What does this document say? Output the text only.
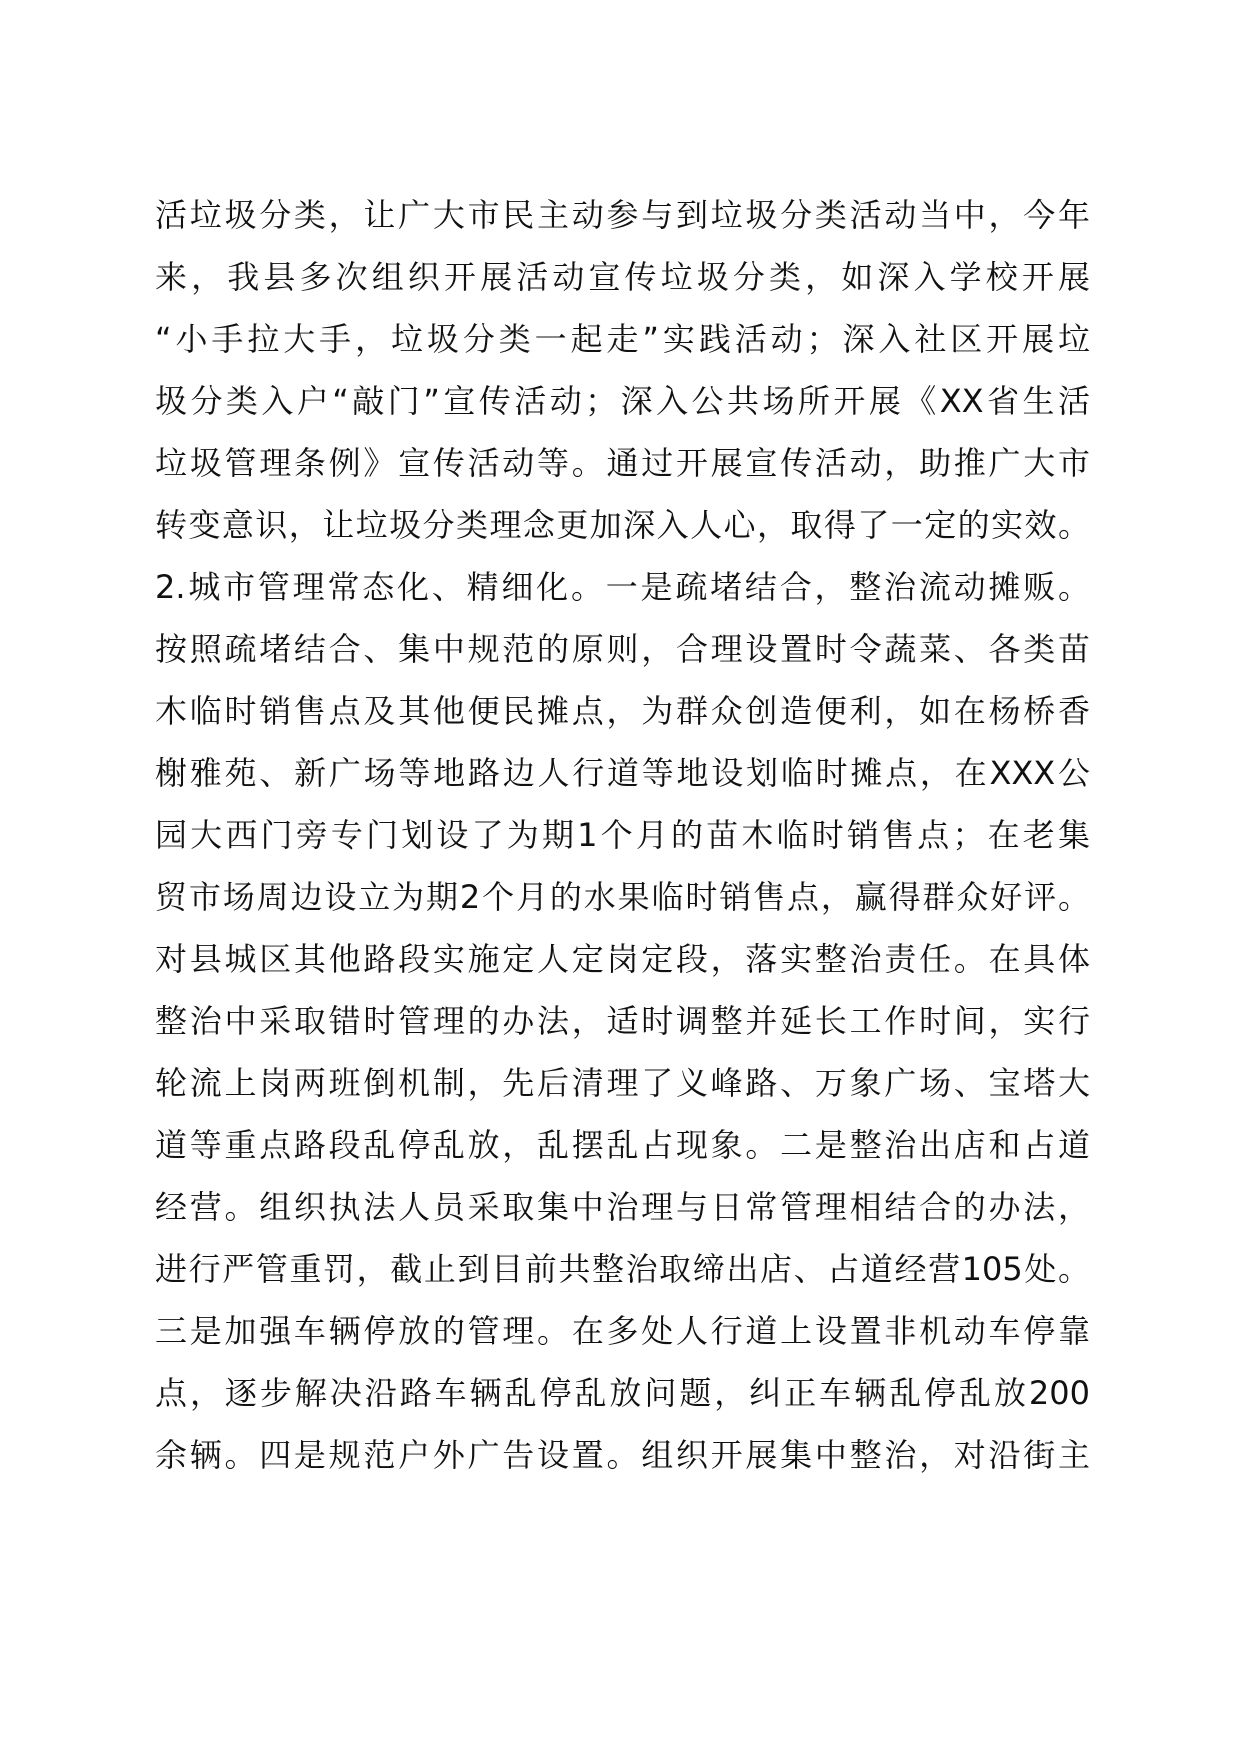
活垃圾分类，让广大市民主动参与到垃圾分类活动当中，今年
来，我县多次组织开展活动宣传垃圾分类，如深入学校开展
“小手拉大手，垃圾分类一起走”实践活动；深入社区开展垃
圾分类入户“敲门”宣传活动；深入公共场所开展《XX省生活
垃圾管理条例》宣传活动等。通过开展宣传活动，助推广大市
转变意识，让垃圾分类理念更加深入人心，取得了一定的实效。
2.城市管理常态化、精细化。一是疏堵结合，整治流动摊贩。
按照疏堵结合、集中规范的原则，合理设置时令蔬菜、各类苗
木临时销售点及其他便民摊点，为群众创造便利，如在杨桥香
榭雅苑、新广场等地路边人行道等地设划临时摊点，在XXX公
园大西门旁专门划设了为期1个月的苗木临时销售点；在老集
贸市场周边设立为期2个月的水果临时销售点，赢得群众好评。
对县城区其他路段实施定人定岗定段，落实整治责任。在具体
整治中采取错时管理的办法，适时调整并延长工作时间，实行
轮流上岗两班倒机制，先后清理了义峰路、万象广场、宝塔大
道等重点路段乱停乱放，乱摆乱占现象。二是整治出店和占道
经营。组织执法人员采取集中治理与日常管理相结合的办法，
进行严管重罚，截止到目前共整治取缔出店、占道经营105处。
三是加强车辆停放的管理。在多处人行道上设置非机动车停靠
点，逐步解决沿路车辆乱停乱放问题，纠正车辆乱停乱放200
余辆。四是规范户外广告设置。组织开展集中整治，对沿街主
